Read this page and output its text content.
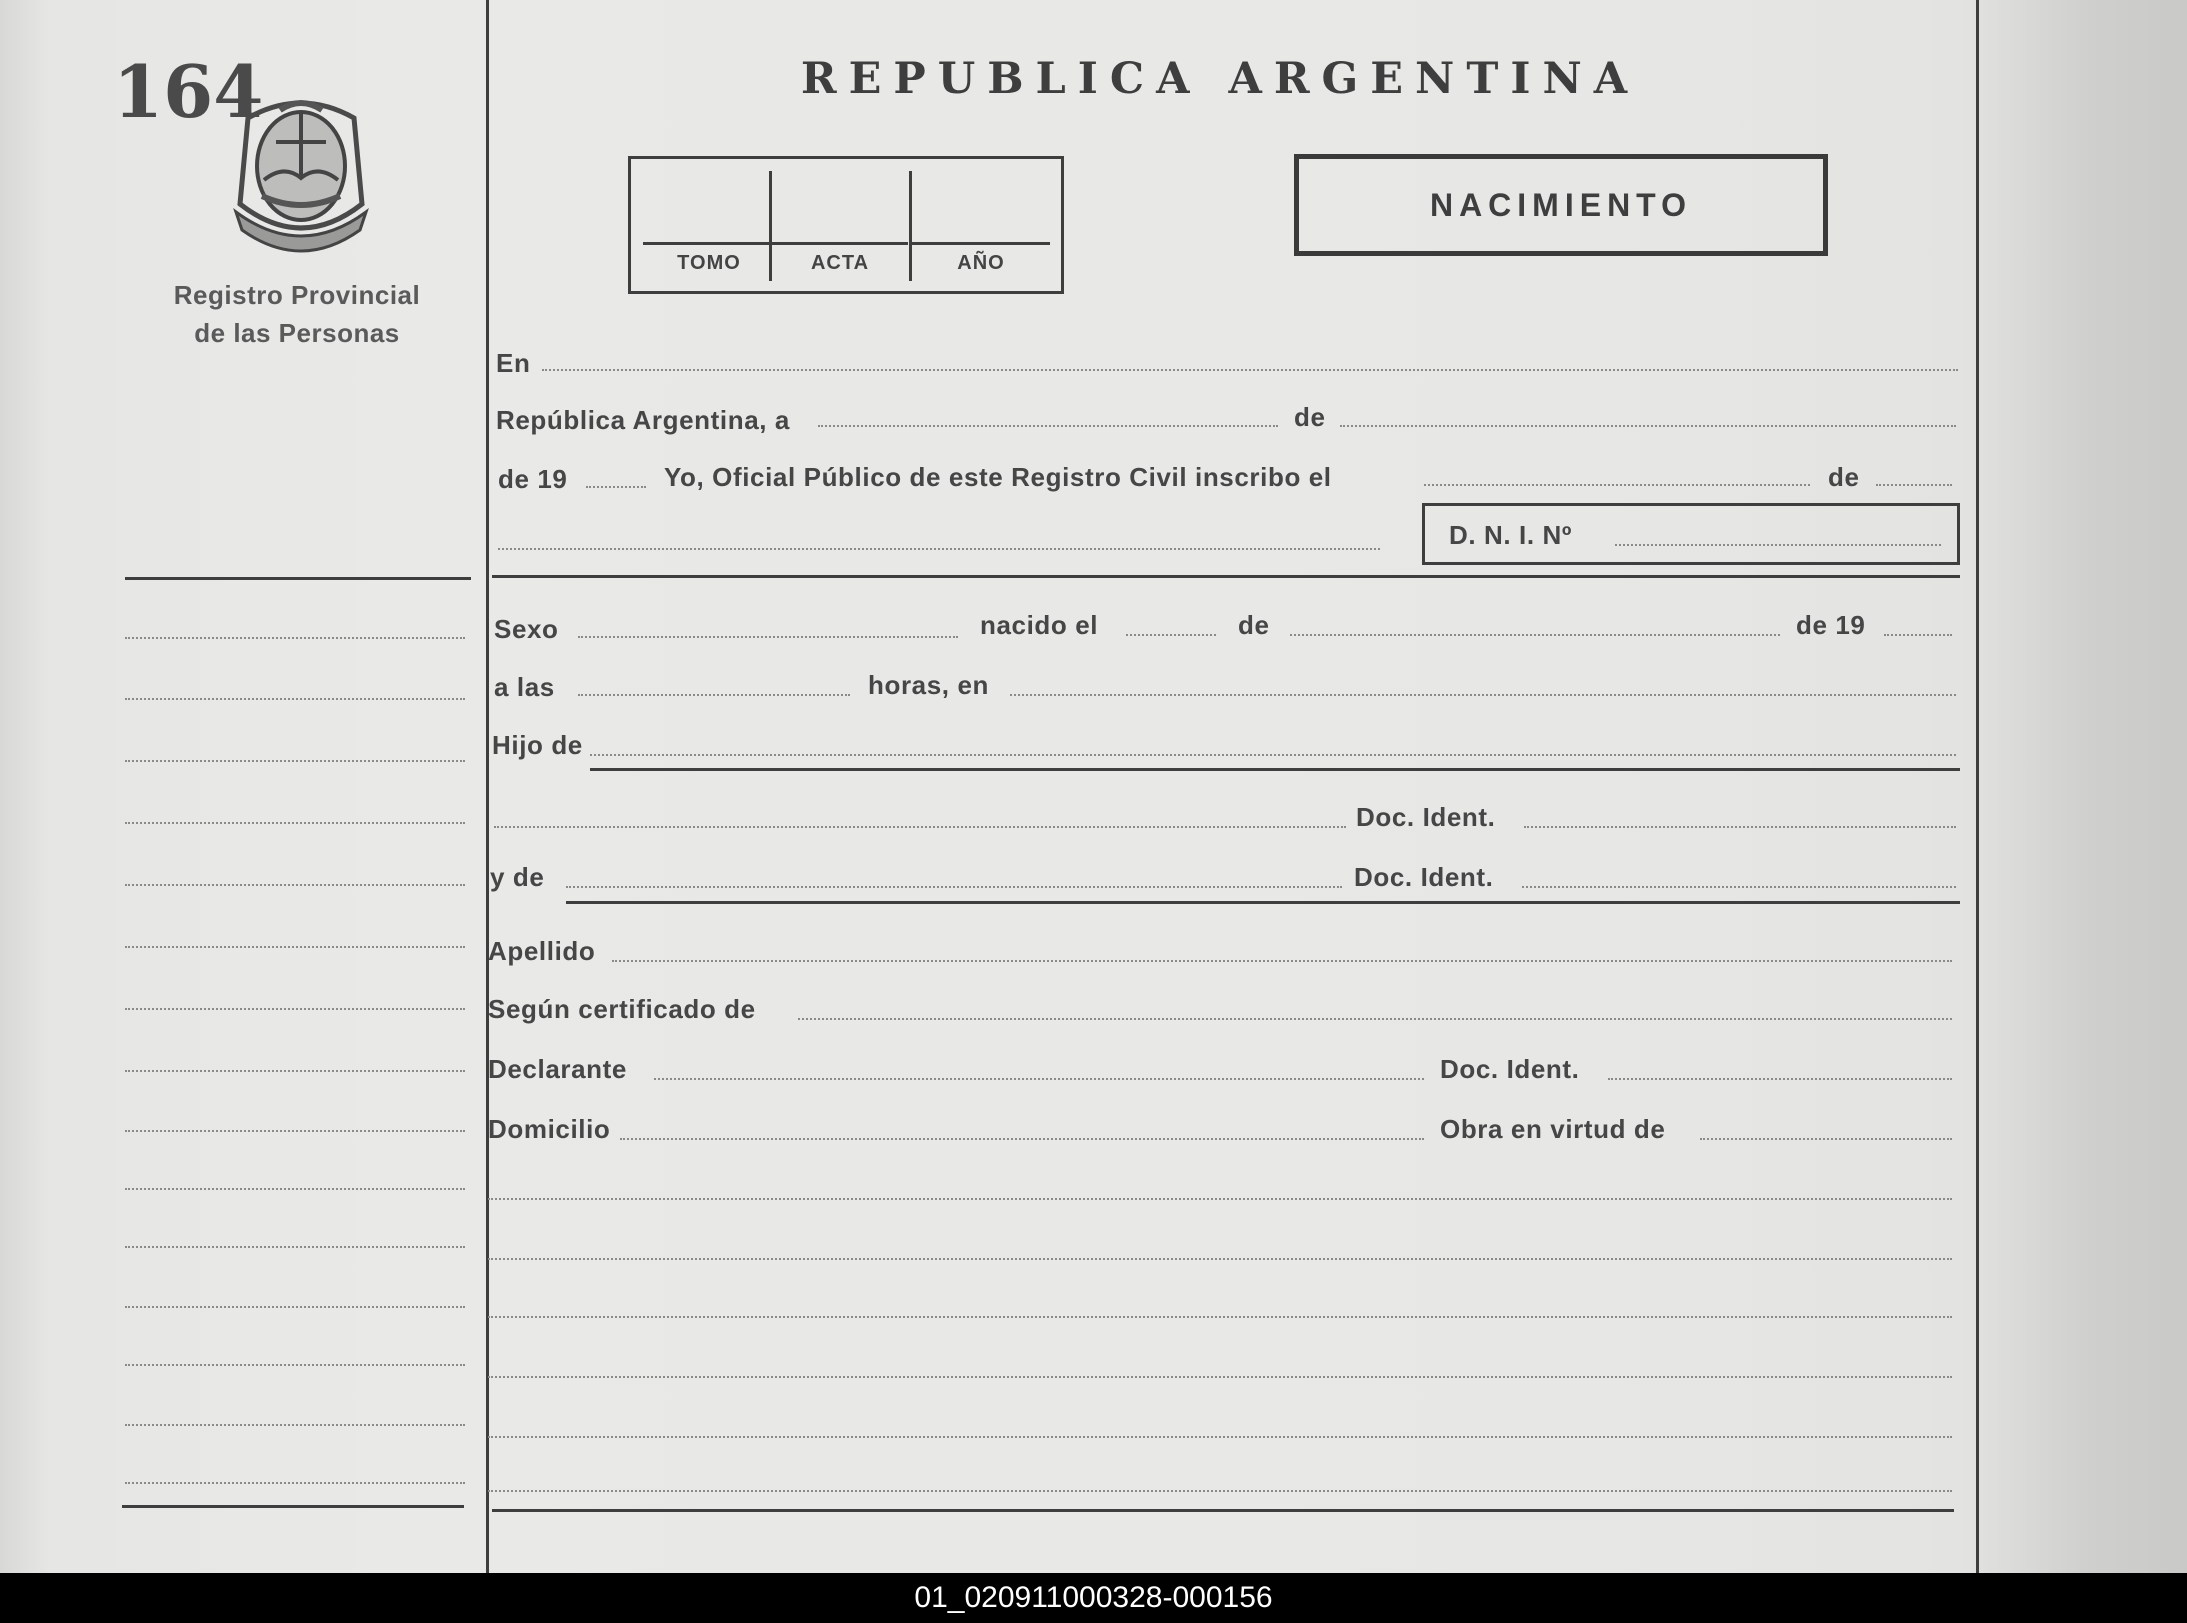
164
Registro Provincial
de las Personas
REPUBLICA ARGENTINA
TOMO	ACTA	AÑO
NACIMIENTO
En
República Argentina, a	de
de 19	Yo, Oficial Público de este Registro Civil inscribo el	de
D. N. I. Nº
Sexo	nacido el	de	de 19
a las	horas, en
Hijo de
Doc. Ident.
y de	Doc. Ident.
Apellido
Según certificado de
Declarante	Doc. Ident.
Domicilio	Obra en virtud de
01_020911000328-000156
